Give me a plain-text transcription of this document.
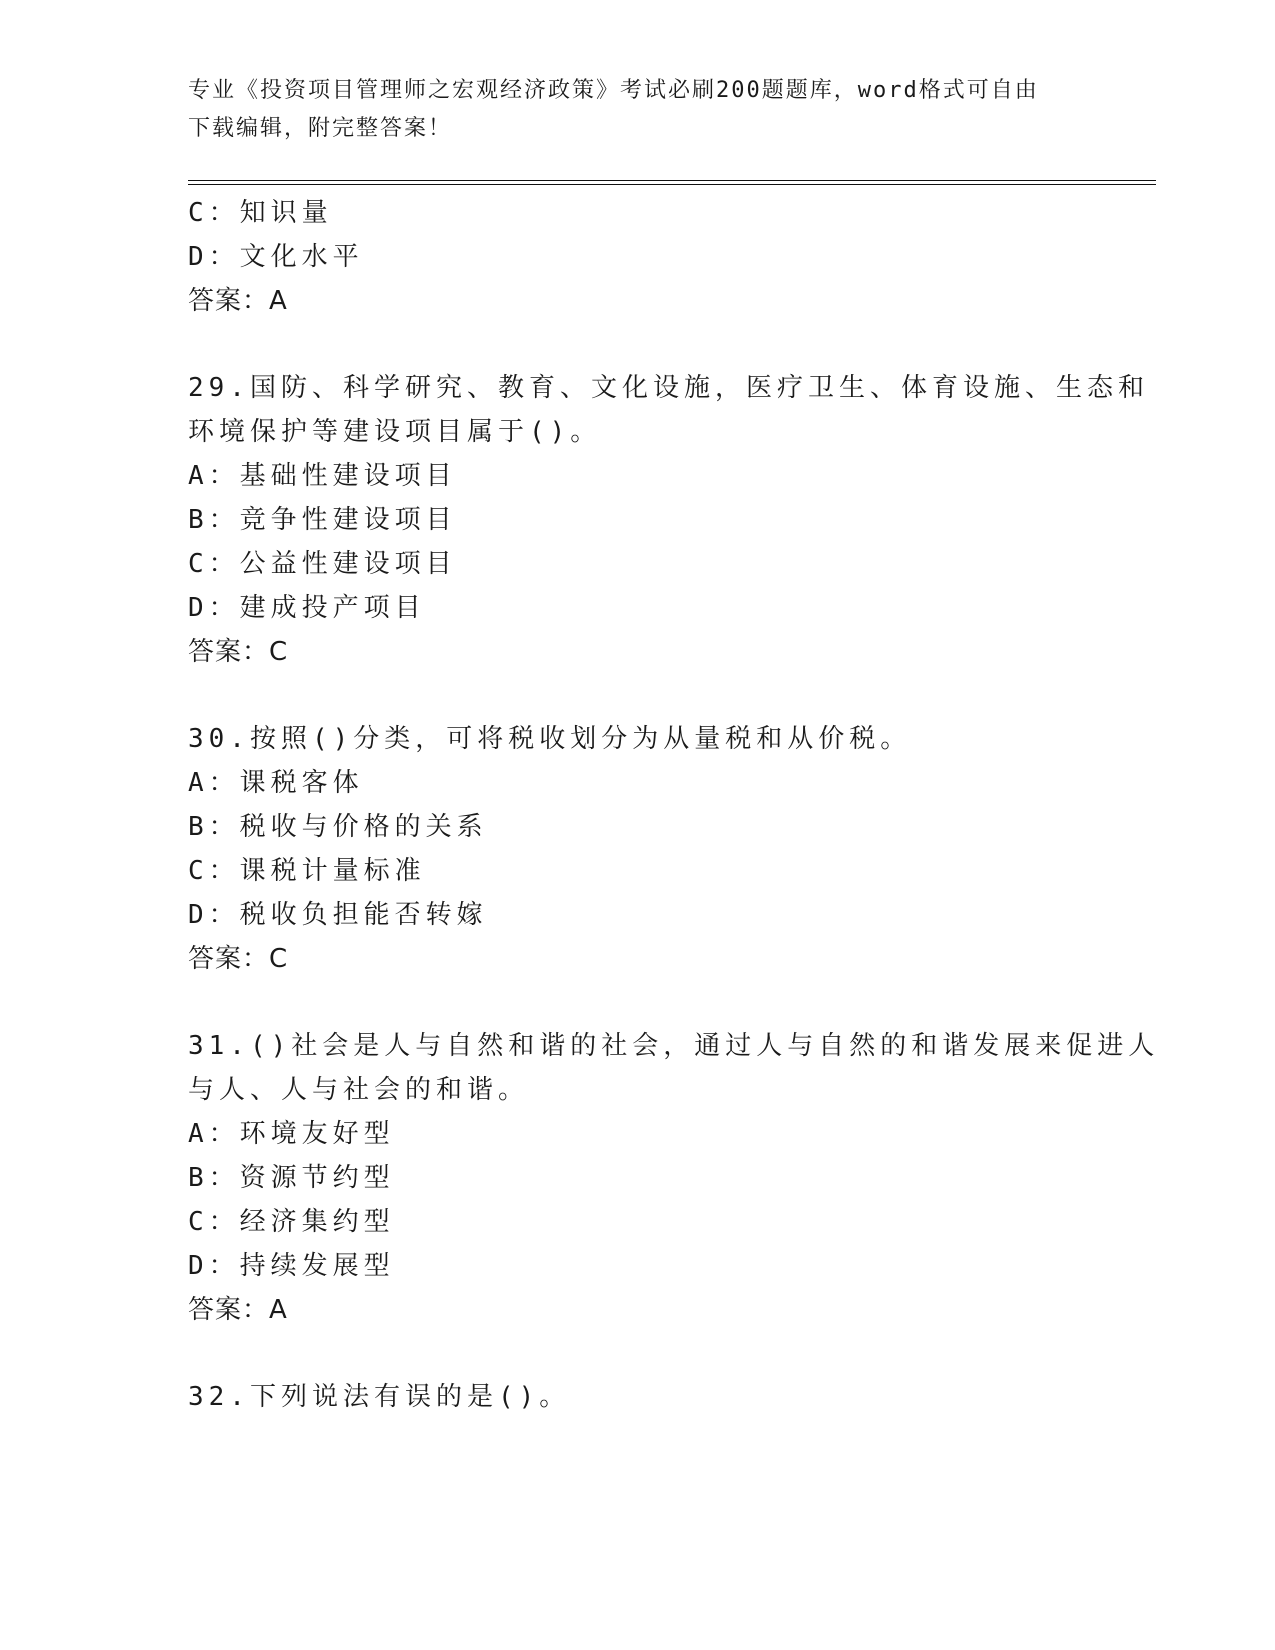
专业《投资项目管理师之宏观经济政策》考试必刷200题题库，word格式可自由
下载编辑，附完整答案！
C：知识量
D：文化水平
答案：A
29.国防、科学研究、教育、文化设施，医疗卫生、体育设施、生态和
环境保护等建设项目属于()。
A：基础性建设项目
B：竞争性建设项目
C：公益性建设项目
D：建成投产项目
答案：C
30.按照()分类，可将税收划分为从量税和从价税。
A：课税客体
B：税收与价格的关系
C：课税计量标准
D：税收负担能否转嫁
答案：C
31.()社会是人与自然和谐的社会，通过人与自然的和谐发展来促进人
与人、人与社会的和谐。
A：环境友好型
B：资源节约型
C：经济集约型
D：持续发展型
答案：A
32.下列说法有误的是()。
